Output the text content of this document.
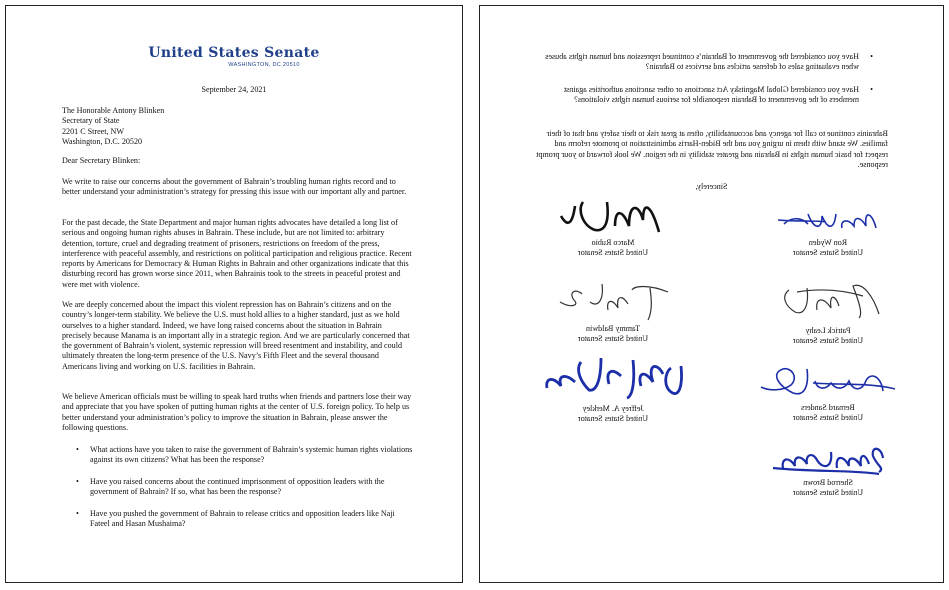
United States Senate
WASHINGTON, DC 20510
September 24, 2021

The Honorable Antony Blinken

Secretary of State

2201 C Street, NW

Washington, D.C. 20520

Dear Secretary Blinken:

We write to raise our concerns about the government of Bahrain’s troubling human rights record and to better understand your administration’s strategy for pressing this issue with our important ally and partner.

For the past decade, the State Department and major human rights advocates have detailed a long list of serious and ongoing human rights abuses in Bahrain. These include, but are not limited to: arbitrary detention, torture, cruel and degrading treatment of prisoners, restrictions on freedom of the press, interference with peaceful assembly, and restrictions on political participation and religious practice. Recent reports by Americans for Democracy & Human Rights in Bahrain and other organizations indicate that this disturbing record has grown worse since 2011, when Bahrainis took to the streets in peaceful protest and were met with violence.

We are deeply concerned about the impact this violent repression has on Bahrain’s citizens and on the country’s longer-term stability. We believe the U.S. must hold allies to a higher standard, just as we hold ourselves to a higher standard. Indeed, we have long raised concerns about the situation in Bahrain precisely because Manama is an important ally in a strategic region. And we are particularly concerned that the government of Bahrain’s violent, systemic repression will breed resentment and instability, and could ultimately threaten the long-term presence of the U.S. Navy’s Fifth Fleet and the several thousand Americans living and working on U.S. facilities in Bahrain.

We believe American officials must be willing to speak hard truths when friends and partners lose their way and appreciate that you have spoken of putting human rights at the center of U.S. foreign policy. To help us better understand your administration’s policy to improve the situation in Bahrain, please answer the following questions.

• What actions have you taken to raise the government of Bahrain’s systemic human rights violations against its own citizens? What has been the response?

• Have you raised concerns about the continued imprisonment of opposition leaders with the government of Bahrain? If so, what has been the response?

• Have you pushed the government of Bahrain to release critics and opposition leaders like Naji Fateel and Hasan Mushaima?

•

Have you considered the government of Bahrain’s continued repression and human rights abuses when evaluating sales of defense articles and services to Bahrain?

•

Have you considered Global Magnitsky Act sanctions or other sanctions authorities against members of the government of Bahrain responsible for serious human rights violations?

Bahrainis continue to call for agency and accountability, often at great risk to their safety and that of their families. We stand with them in urging you and the Biden-Harris administration to promote reform and respect for basic human rights in Bahrain and greater stability in the region. We look forward to your prompt response.

Sincerely,
Ron Wyden
United States Senator
Patrick Leahy
United States Senator
Bernard Sanders
United States Senator
Sherrod Brown
United States Senator
Marco Rubio
United States Senator
Tammy Baldwin
United States Senator
Jeffrey A. Merkley
United States Senator
